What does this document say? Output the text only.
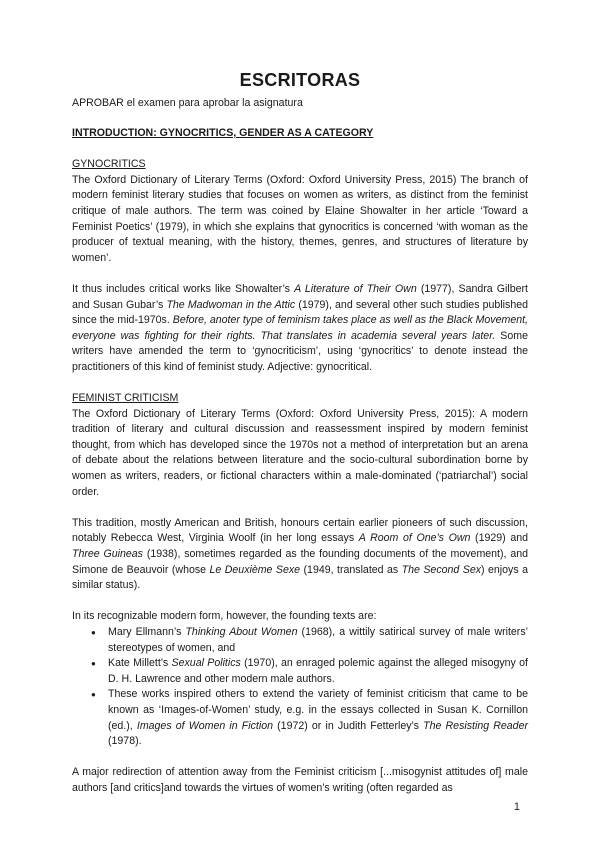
ESCRITORAS
APROBAR el examen para aprobar la asignatura

INTRODUCTION: GYNOCRITICS, GENDER AS A CATEGORY

GYNOCRITICS

The Oxford Dictionary of Literary Terms (Oxford: Oxford University Press, 2015) The branch of modern feminist literary studies that focuses on women as writers, as distinct from the feminist critique of male authors. The term was coined by Elaine Showalter in her article ‘Toward a Feminist Poetics’ (1979), in which she explains that gynocritics is concerned ‘with woman as the producer of textual meaning, with the history, themes, genres, and structures of literature by women’.

It thus includes critical works like Showalter’s A Literature of Their Own (1977), Sandra Gilbert and Susan Gubar’s The Madwoman in the Attic (1979), and several other such studies published since the mid-1970s. Before, anoter type of feminism takes place as well as the Black Movement, everyone was fighting for their rights. That translates in academia several years later. Some writers have amended the term to ‘gynocriticism’, using ‘gynocritics’ to denote instead the practitioners of this kind of feminist study. Adjective: gynocritical.

FEMINIST CRITICISM

The Oxford Dictionary of Literary Terms (Oxford: Oxford University Press, 2015): A modern tradition of literary and cultural discussion and reassessment inspired by modern feminist thought, from which has developed since the 1970s not a method of interpretation but an arena of debate about the relations between literature and the socio-cultural subordination borne by women as writers, readers, or fictional characters within a male-dominated (‘patriarchal’) social order.

This tradition, mostly American and British, honours certain earlier pioneers of such discussion, notably Rebecca West, Virginia Woolf (in her long essays A Room of One’s Own (1929) and Three Guineas (1938), sometimes regarded as the founding documents of the movement), and Simone de Beauvoir (whose Le Deuxième Sexe (1949, translated as The Second Sex) enjoys a similar status).

In its recognizable modern form, however, the founding texts are:

● Mary Ellmann’s Thinking About Women (1968), a wittily satirical survey of male writers’ stereotypes of women, and
● Kate Millett’s Sexual Politics (1970), an enraged polemic against the alleged misogyny of D. H. Lawrence and other modern male authors.
● These works inspired others to extend the variety of feminist criticism that came to be known as ‘Images-of-Women’ study, e.g. in the essays collected in Susan K. Cornillon (ed.), Images of Women in Fiction (1972) or in Judith Fetterley’s The Resisting Reader (1978).

A major redirection of attention away from the Feminist criticism [...misogynist attitudes of] male authors [and critics]and towards the virtues of women’s writing (often regarded as

1
